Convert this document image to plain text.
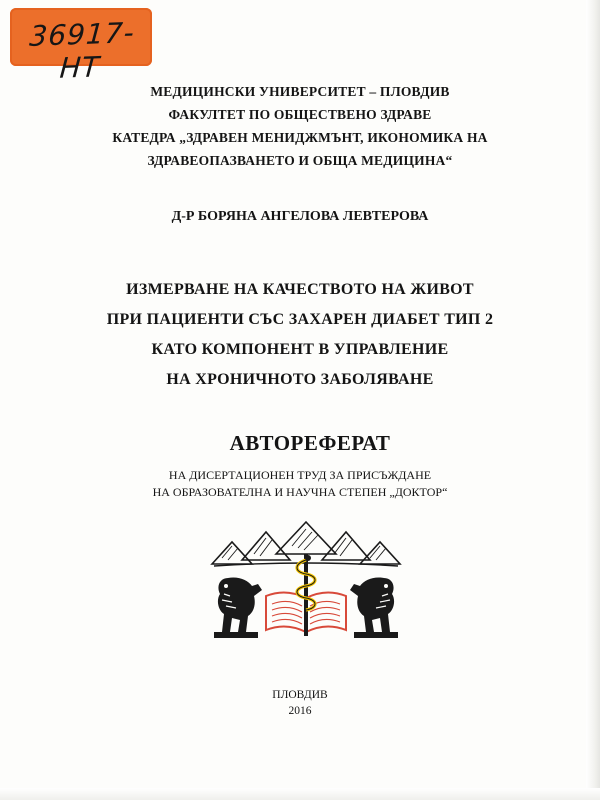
36917-НТ
МЕДИЦИНСКИ УНИВЕРСИТЕТ – ПЛОВДИВ
ФАКУЛТЕТ ПО ОБЩЕСТВЕНО ЗДРАВЕ
КАТЕДРА „ЗДРАВЕН МЕНИДЖМЪНТ, ИКОНОМИКА НА
ЗДРАВЕОПАЗВАНЕТО И ОБЩА МЕДИЦИНА“
Д-Р БОРЯНА АНГЕЛОВА ЛЕВТЕРОВА
ИЗМЕРВАНЕ НА КАЧЕСТВОТО НА ЖИВОТ
ПРИ ПАЦИЕНТИ СЪС ЗАХАРЕН ДИАБЕТ ТИП 2
КАТО КОМПОНЕНТ В УПРАВЛЕНИЕ
НА ХРОНИЧНОТО ЗАБОЛЯВАНЕ
АВТОРЕФЕРАТ
НА ДИСЕРТАЦИОНЕН ТРУД ЗА ПРИСЪЖДАНЕ
НА ОБРАЗОВАТЕЛНА И НАУЧНА СТЕПЕН „ДОКТОР“
ПЛОВДИВ
2016
